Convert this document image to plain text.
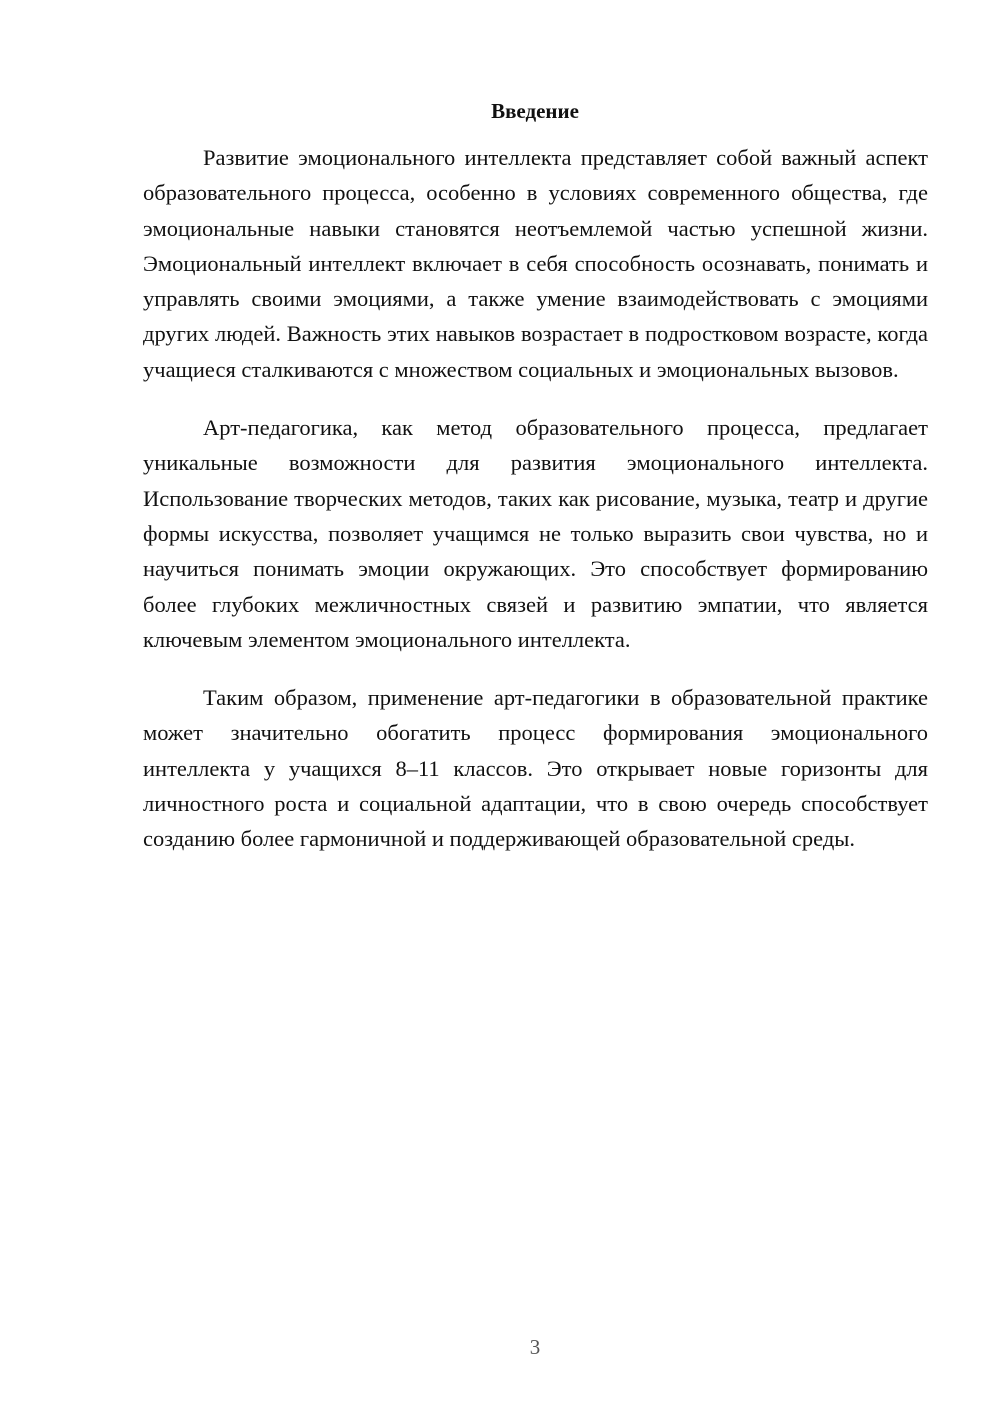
Введение

Развитие эмоционального интеллекта представляет собой важный аспект образовательного процесса, особенно в условиях современного общества, где эмоциональные навыки становятся неотъемлемой частью успешной жизни. Эмоциональный интеллект включает в себя способность осознавать, понимать и управлять своими эмоциями, а также умение взаимодействовать с эмоциями других людей. Важность этих навыков возрастает в подростковом возрасте, когда учащиеся сталкиваются с множеством социальных и эмоциональных вызовов.

Арт-педагогика, как метод образовательного процесса, предлагает уникальные возможности для развития эмоционального интеллекта. Использование творческих методов, таких как рисование, музыка, театр и другие формы искусства, позволяет учащимся не только выразить свои чувства, но и научиться понимать эмоции окружающих. Это способствует формированию более глубоких межличностных связей и развитию эмпатии, что является ключевым элементом эмоционального интеллекта.

Таким образом, применение арт-педагогики в образовательной практике может значительно обогатить процесс формирования эмоционального интеллекта у учащихся 8–11 классов. Это открывает новые горизонты для личностного роста и социальной адаптации, что в свою очередь способствует созданию более гармоничной и поддерживающей образовательной среды.

3
